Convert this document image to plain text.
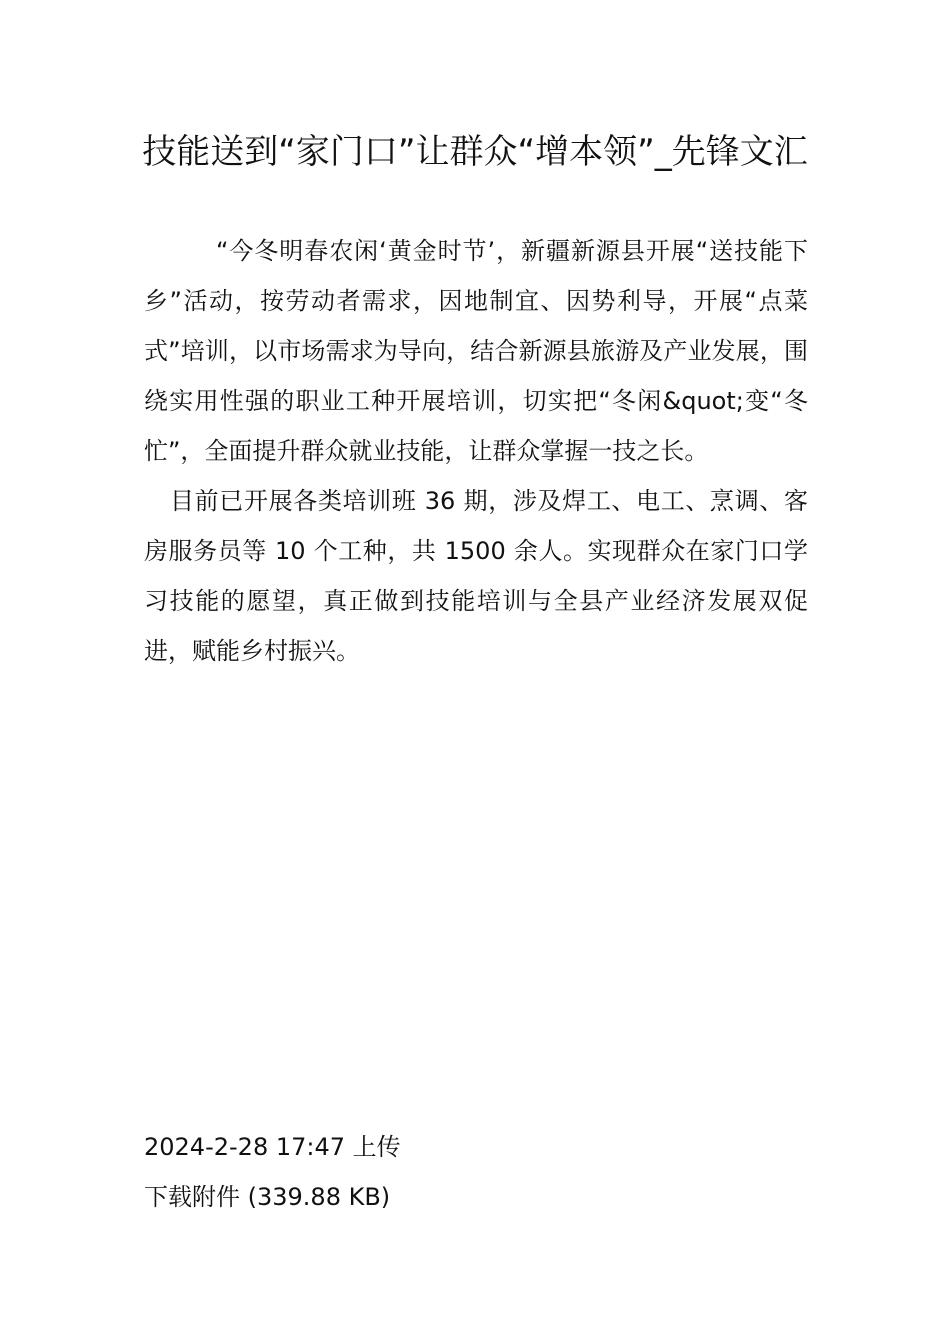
技能送到“家门口”让群众“增本领”_先锋文汇

“今冬明春农闲‘黄金时节’，新疆新源县开展“送技能下乡”活动，按劳动者需求，因地制宜、因势利导，开展“点菜式”培训，以市场需求为导向，结合新源县旅游及产业发展，围绕实用性强的职业工种开展培训，切实把“冬闲&quot;变“冬忙”，全面提升群众就业技能，让群众掌握一技之长。

目前已开展各类培训班 36 期，涉及焊工、电工、烹调、客房服务员等 10 个工种，共 1500 余人。实现群众在家门口学习技能的愿望，真正做到技能培训与全县产业经济发展双促进，赋能乡村振兴。

2024-2-28 17:47 上传
下载附件 (339.88 KB)
